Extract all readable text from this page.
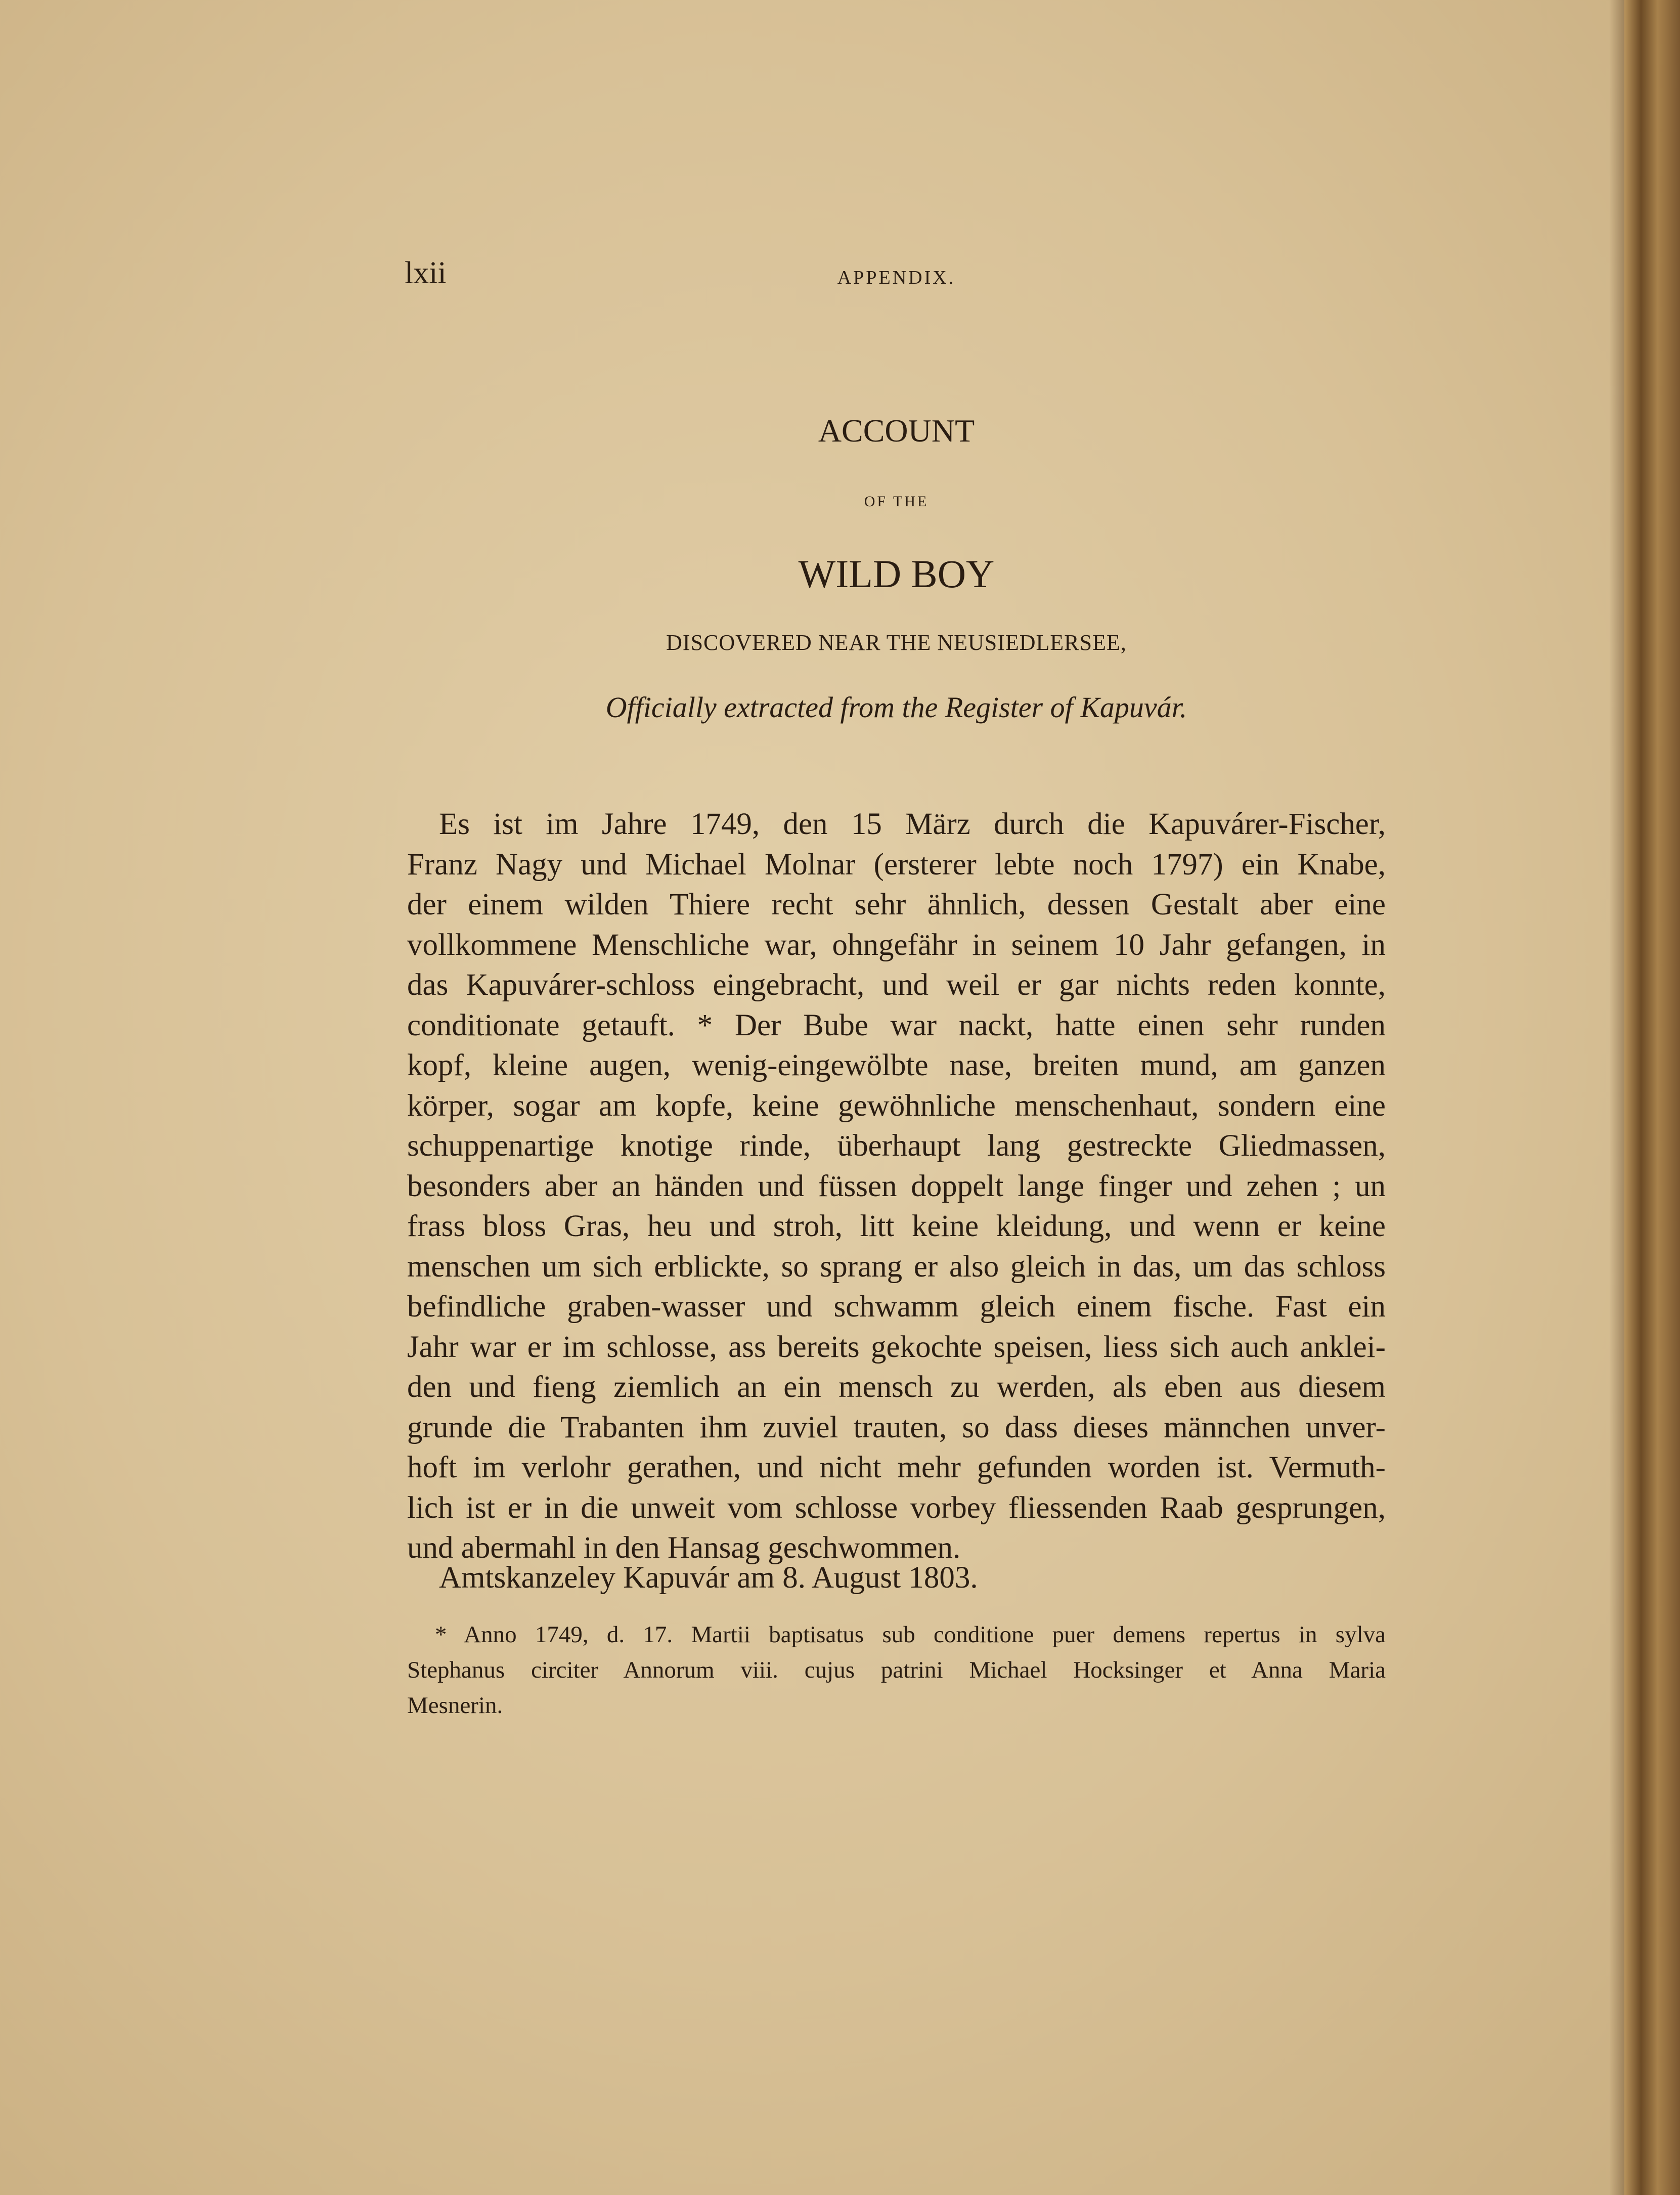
lxii	APPENDIX.
ACCOUNT
OF THE
WILD BOY
DISCOVERED NEAR THE NEUSIEDLERSEE,
Officially extracted from the Register of Kapuvár.
Es ist im Jahre 1749, den 15 März durch die Kapuvárer-Fischer,
Franz Nagy und Michael Molnar (ersterer lebte noch 1797) ein Knabe,
der einem wilden Thiere recht sehr ähnlich, dessen Gestalt aber eine
vollkommene Menschliche war, ohngefähr in seinem 10 Jahr gefangen, in
das Kapuvárer-schloss eingebracht, und weil er gar nichts reden konnte,
conditionate getauft. * Der Bube war nackt, hatte einen sehr runden
kopf, kleine augen, wenig-eingewölbte nase, breiten mund, am ganzen
körper, sogar am kopfe, keine gewöhnliche menschenhaut, sondern eine
schuppenartige knotige rinde, überhaupt lang gestreckte Gliedmassen,
besonders aber an händen und füssen doppelt lange finger und zehen ; un
frass bloss Gras, heu und stroh, litt keine kleidung, und wenn er keine
menschen um sich erblickte, so sprang er also gleich in das, um das schloss
befindliche graben-wasser und schwamm gleich einem fische. Fast ein
Jahr war er im schlosse, ass bereits gekochte speisen, liess sich auch anklei-
den und fieng ziemlich an ein mensch zu werden, als eben aus diesem
grunde die Trabanten ihm zuviel trauten, so dass dieses männchen unver-
hoft im verlohr gerathen, und nicht mehr gefunden worden ist. Vermuth-
lich ist er in die unweit vom schlosse vorbey fliessenden Raab gesprungen,
und abermahl in den Hansag geschwommen.
Amtskanzeley Kapuvár am 8. August 1803.
* Anno 1749, d. 17. Martii baptisatus sub conditione puer demens repertus in sylva
Stephanus circiter Annorum viii. cujus patrini Michael Hocksinger et Anna Maria
Mesnerin.
